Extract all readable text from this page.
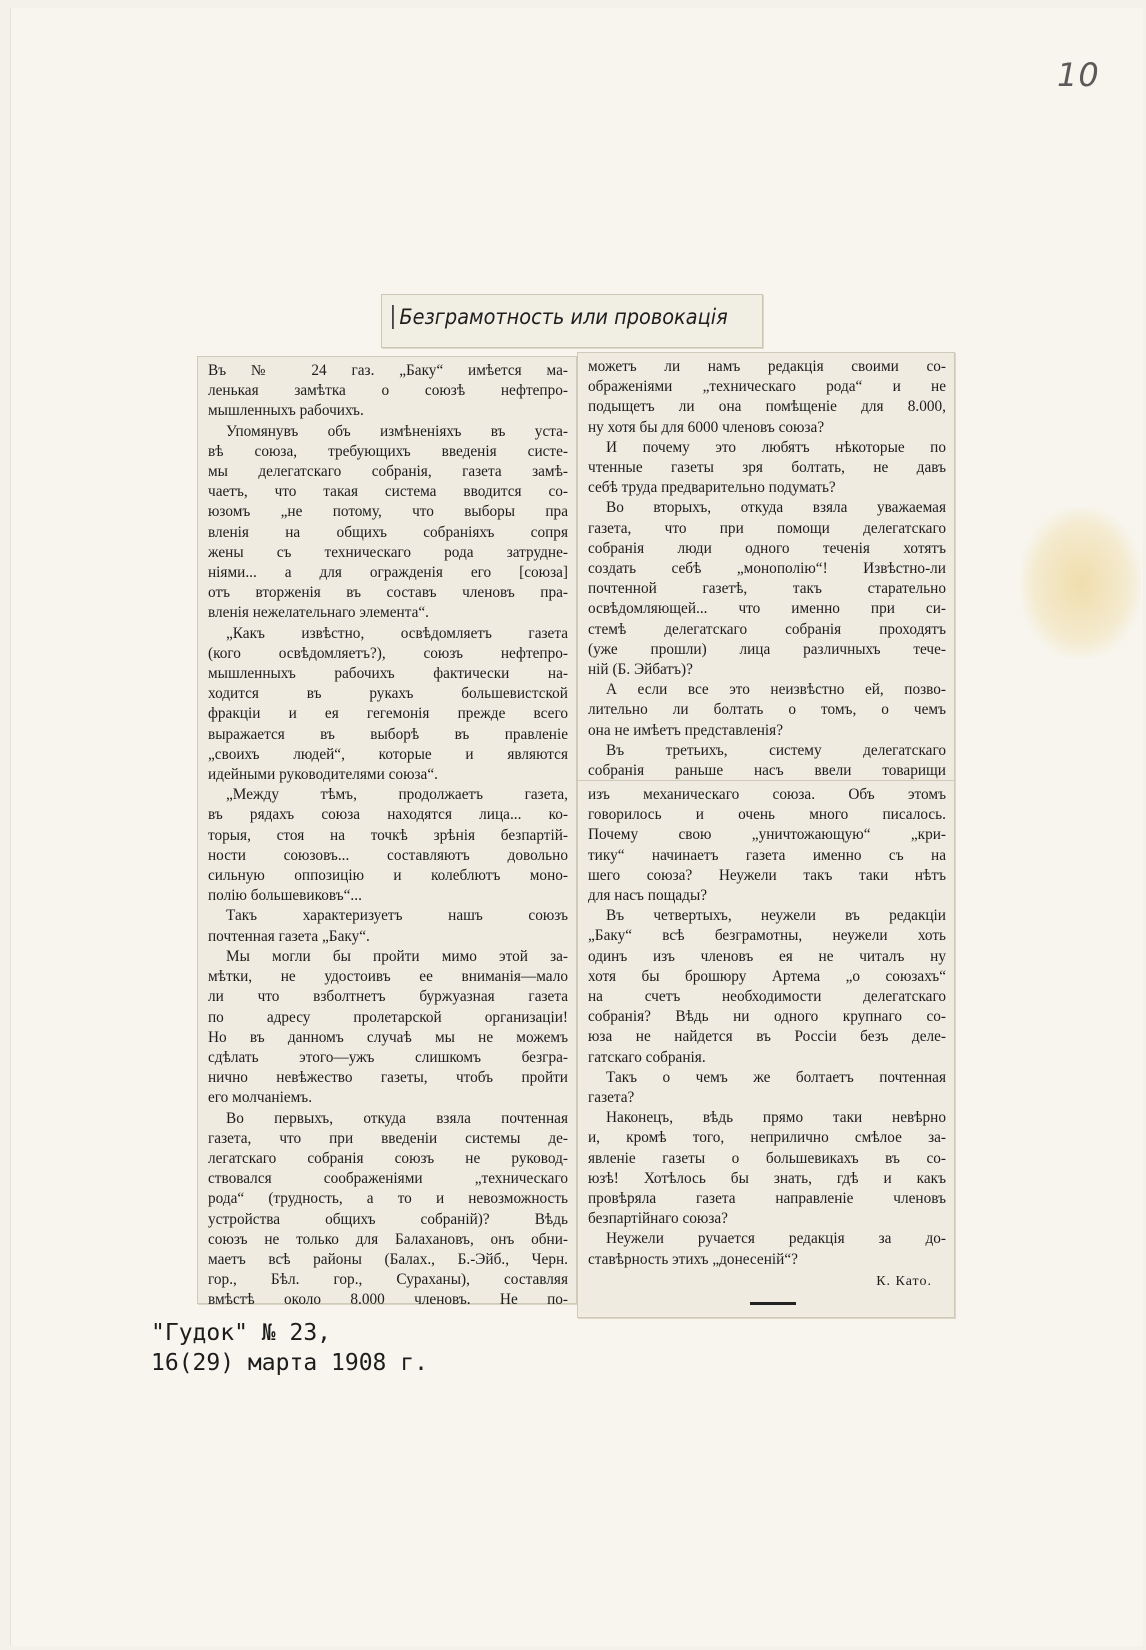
10
Безграмотность или провокація
Въ № 24 газ. „Баку“ имѣется ма-
ленькая замѣтка о союзѣ нефтепро-
мышленныхъ рабочихъ.
Упомянувъ объ измѣненіяхъ въ уста-
вѣ союза, требующихъ введенія систе-
мы делегатскаго собранія, газета замѣ-
чаетъ, что такая система вводится со-
юзомъ „не потому, что выборы пра
вленія на общихъ собраніяхъ сопря
жены съ техническаго рода затрудне-
ніями... а для огражденія его [союза]
отъ вторженія въ составъ членовъ пра-
вленія нежелательнаго элемента“.
„Какъ извѣстно, освѣдомляетъ газета
(кого освѣдомляетъ?), союзъ нефтепро-
мышленныхъ рабочихъ фактически на-
ходится въ рукахъ большевистской
фракціи и ея гегемонія прежде всего
выражается въ выборѣ въ правленіе
„своихъ людей“, которые и являются
идейными руководителями союза“.
„Между тѣмъ, продолжаетъ газета,
въ рядахъ союза находятся лица... ко-
торыя, стоя на точкѣ зрѣнія безпартій-
ности союзовъ... составляютъ довольно
сильную оппозицію и колеблютъ моно-
полію большевиковъ“...
Такъ характеризуетъ нашъ союзъ
почтенная газета „Баку“.
Мы могли бы пройти мимо этой за-
мѣтки, не удостоивъ ее вниманія—мало
ли что взболтнетъ буржуазная газета
по адресу пролетарской организаціи!
Но въ данномъ случаѣ мы не можемъ
сдѣлать этого—ужъ слишкомъ безгра-
нично невѣжество газеты, чтобъ пройти
его молчаніемъ.
Во первыхъ, откуда взяла почтенная
газета, что при введеніи системы де-
легатскаго собранія союзъ не руковод-
ствовался соображеніями „техническаго
рода“ (трудность, а то и невозможность
устройства общихъ собраній)? Вѣдь
союзъ не только для Балахановъ, онъ обни-
маетъ всѣ районы (Балах., Б.-Эйб., Черн.
гор., Бѣл. гор., Сураханы), составляя
вмѣстѣ около 8.000 членовъ. Не по-
можетъ ли намъ редакція своими со-
ображеніями „техническаго рода“ и не
подыщетъ ли она помѣщеніе для 8.000,
ну хотя бы для 6000 членовъ союза?
И почему это любятъ нѣкоторые по
чтенные газеты зря болтать, не давъ
себѣ труда предварительно подумать?
Во вторыхъ, откуда взяла уважаемая
газета, что при помощи делегатскаго
собранія люди одного теченія хотятъ
создать себѣ „монополію“! Извѣстно-ли
почтенной газетѣ, такъ старательно
освѣдомляющей... что именно при си-
стемѣ делегатскаго собранія проходятъ
(уже прошли) лица различныхъ тече-
ній (Б. Эйбатъ)?
А если все это неизвѣстно ей, позво-
лительно ли болтать о томъ, о чемъ
она не имѣетъ представленія?
Въ третьихъ, систему делегатскаго
собранія раньше насъ ввели товарищи
изъ механическаго союза. Объ этомъ
говорилось и очень много писалось.
Почему свою „уничтожающую“ „кри-
тику“ начинаетъ газета именно съ на
шего союза? Неужели такъ таки нѣтъ
для насъ пощады?
Въ четвертыхъ, неужели въ редакціи
„Баку“ всѣ безграмотны, неужели хоть
одинъ изъ членовъ ея не читалъ ну
хотя бы брошюру Артема „о союзахъ“
на счетъ необходимости делегатскаго
собранія? Вѣдь ни одного крупнаго со-
юза не найдется въ Россіи безъ деле-
гатскаго собранія.
Такъ о чемъ же болтаетъ почтенная
газета?
Наконецъ, вѣдь прямо таки невѣрно
и, кромѣ того, неприлично смѣлое за-
явленіе газеты о большевикахъ въ со-
юзѣ! Хотѣлось бы знать, гдѣ и какъ
провѣряла газета направленіе членовъ
безпартійнаго союза?
Неужели ручается редакція за до-
ставѣрность этихъ „донесеній“?
К. Като.
"Гудок" № 23,
16(29) марта 1908 г.
